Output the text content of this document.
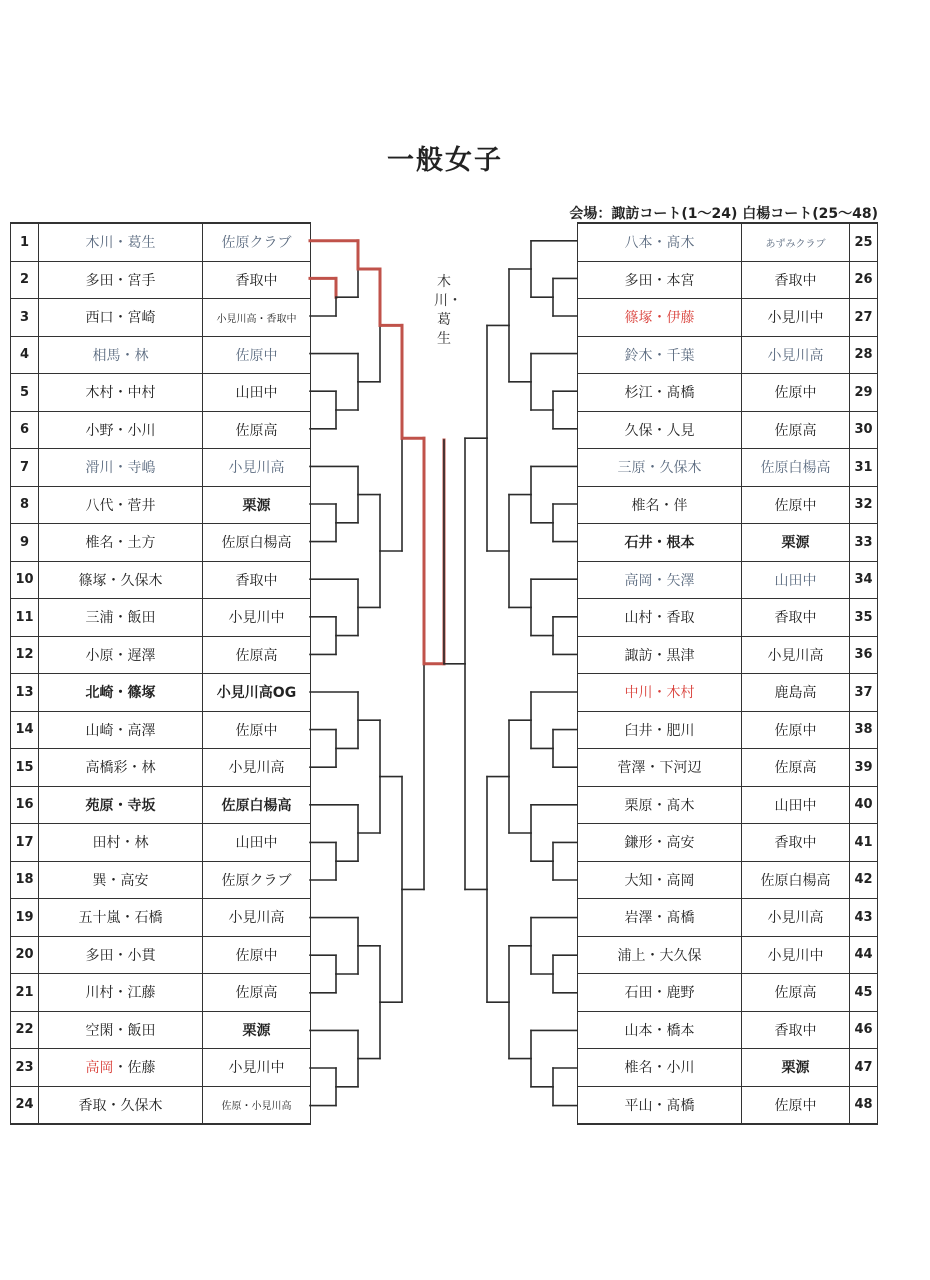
一般女子
会場：諏訪コート(1～24) 白楊コート(25～48)
1	木川・葛生	佐原クラブ
2	多田・宮手	香取中
3	西口・宮崎	小見川高・香取中
4	相馬・林	佐原中
5	木村・中村	山田中
6	小野・小川	佐原高
7	滑川・寺嶋	小見川高
8	八代・菅井	栗源
9	椎名・土方	佐原白楊高
10	篠塚・久保木	香取中
11	三浦・飯田	小見川中
12	小原・遅澤	佐原高
13	北崎・篠塚	小見川高OG
14	山崎・高澤	佐原中
15	高橋彩・林	小見川高
16	苑原・寺坂	佐原白楊高
17	田村・林	山田中
18	巽・高安	佐原クラブ
19	五十嵐・石橋	小見川高
20	多田・小貫	佐原中
21	川村・江藤	佐原高
22	空閑・飯田	栗源
23	高岡・佐藤	小見川中
24	香取・久保木	佐原・小見川高
八本・髙木	あずみクラブ	25
多田・本宮	香取中	26
篠塚・伊藤	小見川中	27
鈴木・千葉	小見川高	28
杉江・髙橋	佐原中	29
久保・人見	佐原高	30
三原・久保木	佐原白楊高	31
椎名・伴	佐原中	32
石井・根本	栗源	33
高岡・矢澤	山田中	34
山村・香取	香取中	35
諏訪・黒津	小見川高	36
中川・木村	鹿島高	37
臼井・肥川	佐原中	38
菅澤・下河辺	佐原高	39
栗原・髙木	山田中	40
鎌形・高安	香取中	41
大知・高岡	佐原白楊高	42
岩澤・髙橋	小見川高	43
浦上・大久保	小見川中	44
石田・鹿野	佐原高	45
山本・橋本	香取中	46
椎名・小川	栗源	47
平山・髙橋	佐原中	48
木川・葛生
